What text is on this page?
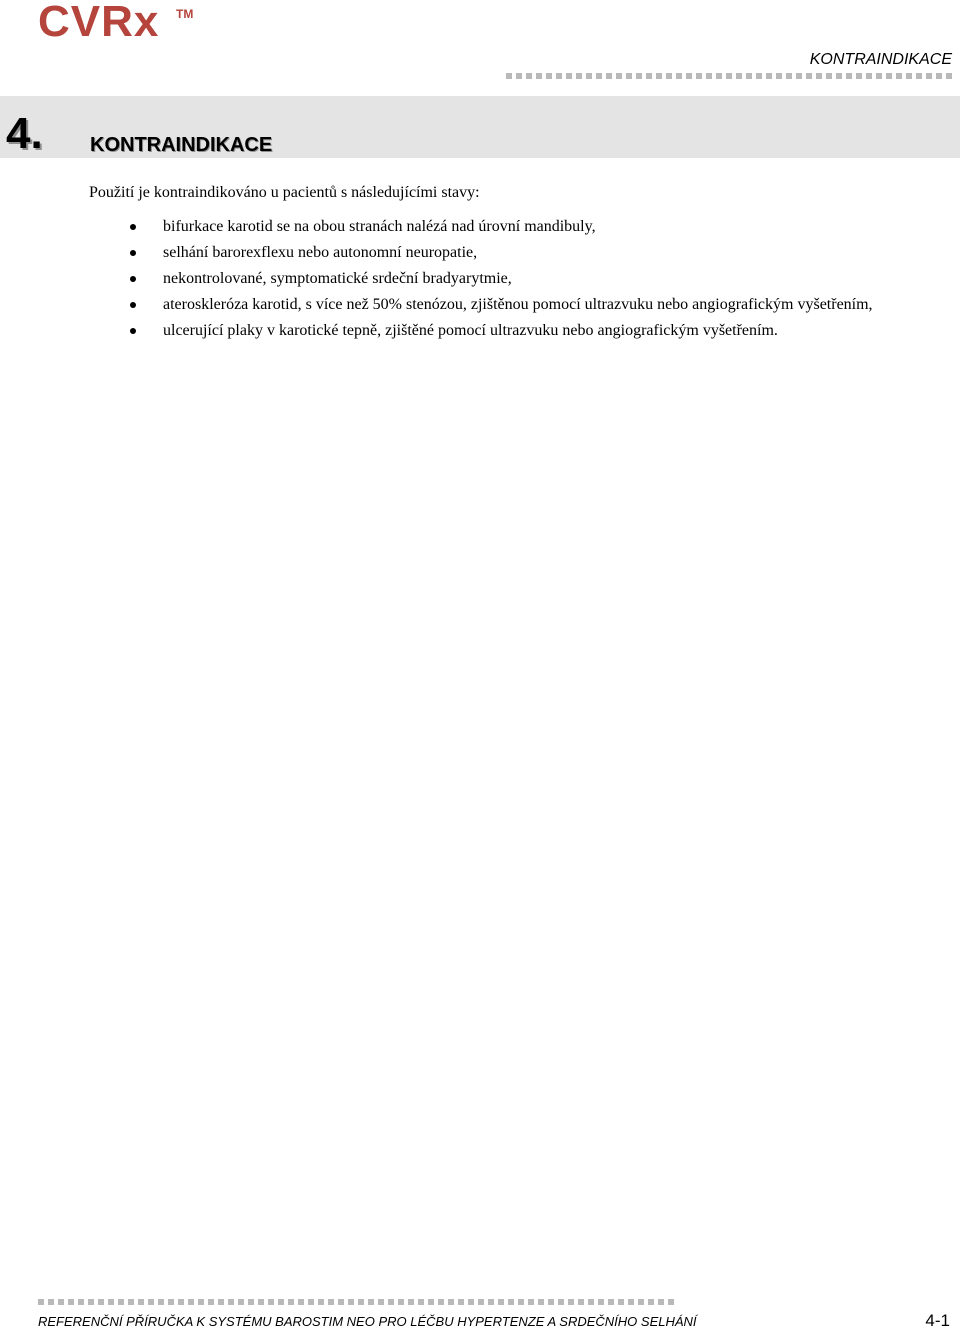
CVRx TM
KONTRAINDIKACE
4. KONTRAINDIKACE

Použití je kontraindikováno u pacientů s následujícími stavy:

bifurkace karotid se na obou stranách nalézá nad úrovní mandibuly,
selhání barorexflexu nebo autonomní neuropatie,
nekontrolované, symptomatické srdeční bradyarytmie,
ateroskleróza karotid, s více než 50% stenózou, zjištěnou pomocí ultrazvuku nebo angiografickým vyšetřením,
ulcerující plaky v karotické tepně, zjištěné pomocí ultrazvuku nebo angiografickým vyšetřením.
REFERENČNÍ PŘÍRUČKA K SYSTÉMU BAROSTIM NEO PRO LÉČBU HYPERTENZE A SRDEČNÍHO SELHÁNÍ	4-1
